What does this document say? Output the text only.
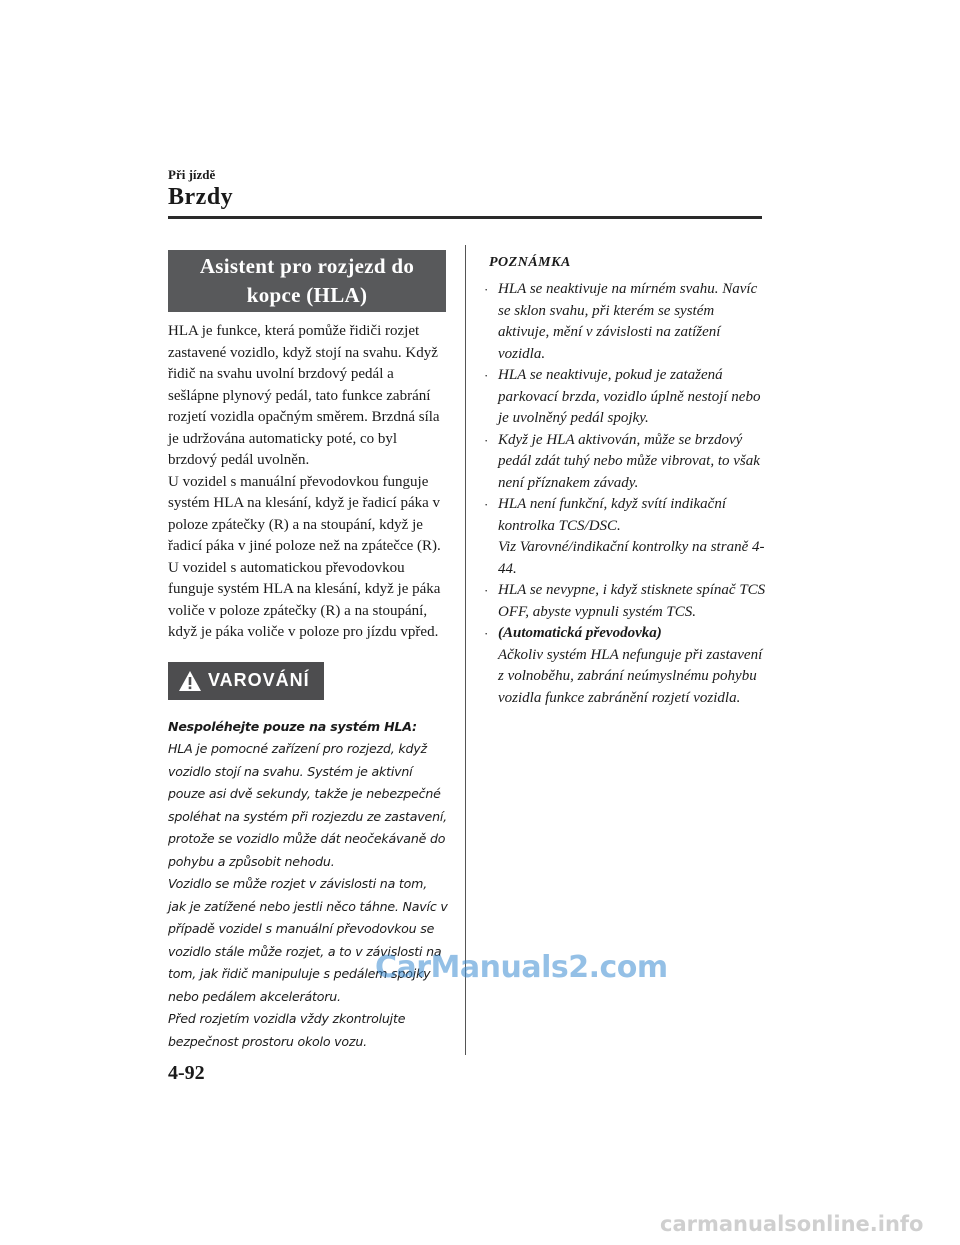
Při jízdě
Brzdy
Asistent pro rozjezd do kopce (HLA)

HLA je funkce, která pomůže řidiči rozjet zastavené vozidlo, když stojí na svahu. Když řidič na svahu uvolní brzdový pedál a sešlápne plynový pedál, tato funkce zabrání rozjetí vozidla opačným směrem. Brzdná síla je udržována automaticky poté, co byl brzdový pedál uvolněn.

U vozidel s manuální převodovkou funguje systém HLA na klesání, když je řadicí páka v poloze zpátečky (R) a na stoupání, když je řadicí páka v jiné poloze než na zpátečce (R).

U vozidel s automatickou převodovkou funguje systém HLA na klesání, když je páka voliče v poloze zpátečky (R) a na stoupání, když je páka voliče v poloze pro jízdu vpřed.

VAROVÁNÍ

Nespoléhejte pouze na systém HLA:

HLA je pomocné zařízení pro rozjezd, když vozidlo stojí na svahu. Systém je aktivní pouze asi dvě sekundy, takže je nebezpečné spoléhat na systém při rozjezdu ze zastavení, protože se vozidlo může dát neočekávaně do pohybu a způsobit nehodu.

Vozidlo se může rozjet v závislosti na tom, jak je zatížené nebo jestli něco táhne. Navíc v případě vozidel s manuální převodovkou se vozidlo stále může rozjet, a to v závislosti na tom, jak řidič manipuluje s pedálem spojky nebo pedálem akcelerátoru.

Před rozjetím vozidla vždy zkontrolujte bezpečnost prostoru okolo vozu.

POZNÁMKA
· HLA se neaktivuje na mírném svahu. Navíc se sklon svahu, při kterém se systém aktivuje, mění v závislosti na zatížení vozidla.

· HLA se neaktivuje, pokud je zatažená parkovací brzda, vozidlo úplně nestojí nebo je uvolněný pedál spojky.

· Když je HLA aktivován, může se brzdový pedál zdát tuhý nebo může vibrovat, to však není příznakem závady.

· HLA není funkční, když svítí indikační kontrolka TCS/DSC.

Viz Varovné/indikační kontrolky na straně 4-44.

· HLA se nevypne, i když stisknete spínač TCS OFF, abyste vypnuli systém TCS.

· (Automatická převodovka)

Ačkoliv systém HLA nefunguje při zastavení z volnoběhu, zabrání neúmyslnému pohybu vozidla funkce zabránění rozjetí vozidla.

4-92
CarManuals2.com
carmanualsonline.info
